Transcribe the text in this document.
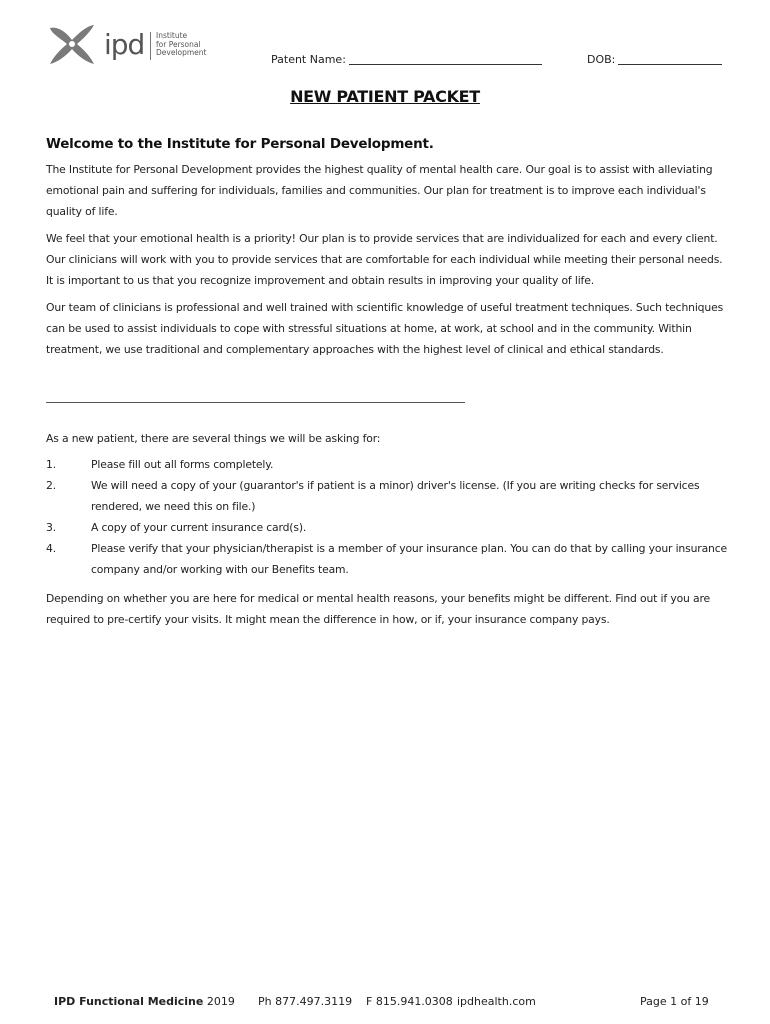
ipd Institute
for Personal
Development
Patent Name:	DOB:
NEW PATIENT PACKET
Welcome to the Institute for Personal Development.

The Institute for Personal Development provides the highest quality of mental health care. Our goal is to assist with alleviating emotional pain and suffering for individuals, families and communities. Our plan for treatment is to improve each individual's quality of life.

We feel that your emotional health is a priority! Our plan is to provide services that are individualized for each and every client. Our clinicians will work with you to provide services that are comfortable for each individual while meeting their personal needs. It is important to us that you recognize improvement and obtain results in improving your quality of life.

Our team of clinicians is professional and well trained with scientific knowledge of useful treatment techniques. Such techniques can be used to assist individuals to cope with stressful situations at home, at work, at school and in the community. Within treatment, we use traditional and complementary approaches with the highest level of clinical and ethical standards.

As a new patient, there are several things we will be asking for:
1.	Please fill out all forms completely.
2.	We will need a copy of your (guarantor's if patient is a minor) driver's license. (If you are writing checks for services rendered, we need this on file.)
3.	A copy of your current insurance card(s).
4.	Please verify that your physician/therapist is a member of your insurance plan. You can do that by calling your insurance company and/or working with our Benefits team.
Depending on whether you are here for medical or mental health reasons, your benefits might be different. Find out if you are required to pre-certify your visits. It might mean the difference in how, or if, your insurance company pays.
IPD Functional Medicine 2019 Ph 877.497.3119 F 815.941.0308 ipdhealth.com	Page 1 of 19
